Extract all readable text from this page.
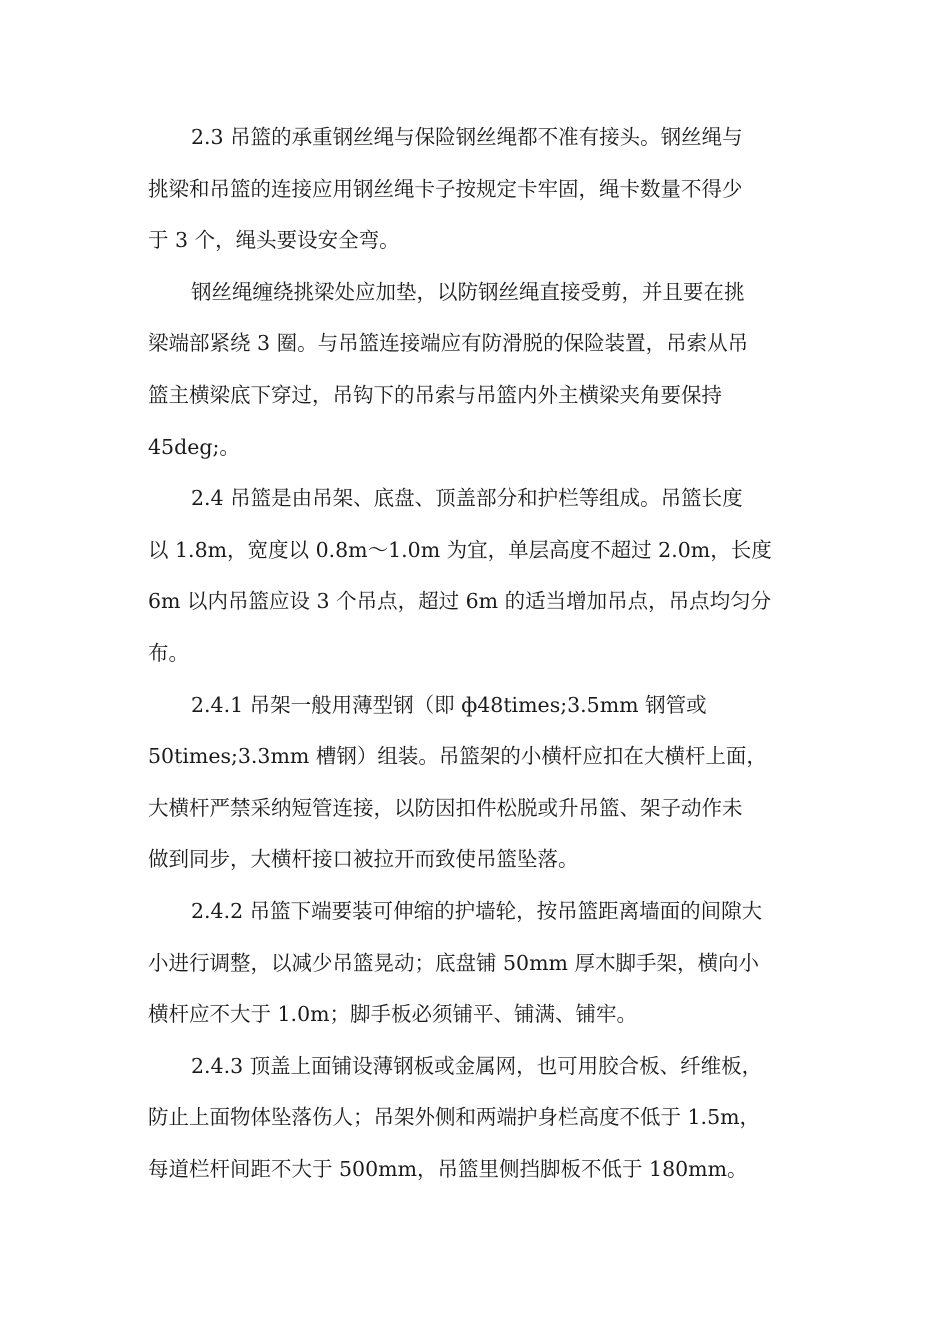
2.3 吊篮的承重钢丝绳与保险钢丝绳都不准有接头。钢丝绳与
挑梁和吊篮的连接应用钢丝绳卡子按规定卡牢固，绳卡数量不得少
于 3 个，绳头要设安全弯。
钢丝绳缠绕挑梁处应加垫，以防钢丝绳直接受剪，并且要在挑
梁端部紧绕 3 圈。与吊篮连接端应有防滑脱的保险装置，吊索从吊
篮主横梁底下穿过，吊钩下的吊索与吊篮内外主横梁夹角要保持
45deg;。
2.4 吊篮是由吊架、底盘、顶盖部分和护栏等组成。吊篮长度
以 1.8m，宽度以 0.8m～1.0m 为宜，单层高度不超过 2.0m，长度
6m 以内吊篮应设 3 个吊点，超过 6m 的适当增加吊点，吊点均匀分
布。
2.4.1 吊架一般用薄型钢（即 ф48times;3.5mm 钢管或
50times;3.3mm 槽钢）组装。吊篮架的小横杆应扣在大横杆上面，
大横杆严禁采纳短管连接，以防因扣件松脱或升吊篮、架子动作未
做到同步，大横杆接口被拉开而致使吊篮坠落。
2.4.2 吊篮下端要装可伸缩的护墙轮，按吊篮距离墙面的间隙大
小进行调整，以减少吊篮晃动；底盘铺 50mm 厚木脚手架，横向小
横杆应不大于 1.0m；脚手板必须铺平、铺满、铺牢。
2.4.3 顶盖上面铺设薄钢板或金属网，也可用胶合板、纤维板，
防止上面物体坠落伤人；吊架外侧和两端护身栏高度不低于 1.5m，
每道栏杆间距不大于 500mm，吊篮里侧挡脚板不低于 180mm。
